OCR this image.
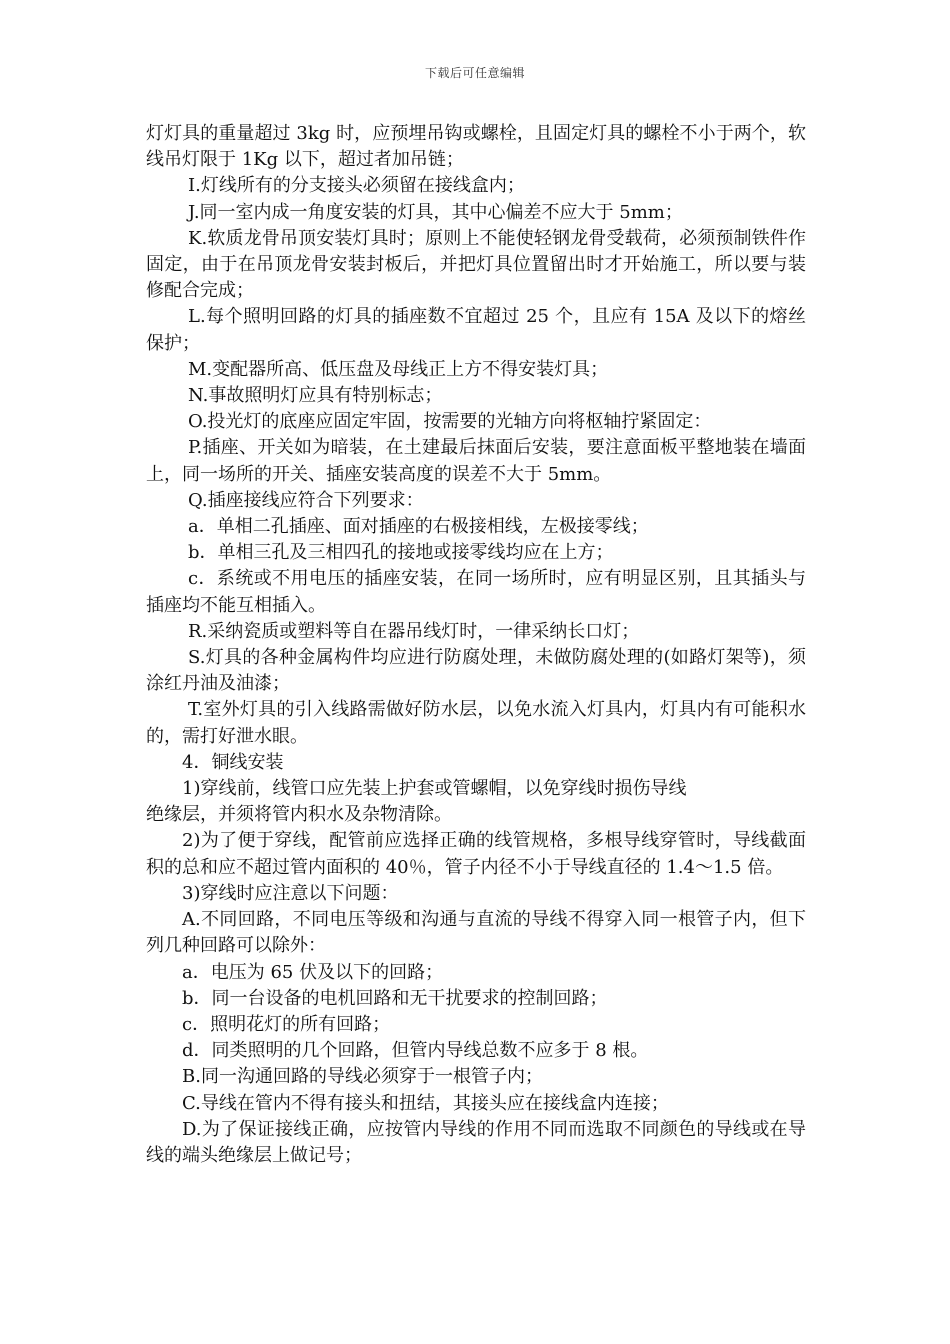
下载后可任意编辑

灯灯具的重量超过 3kg 时，应预埋吊钩或螺栓，且固定灯具的螺栓不小于两个，软线吊灯限于 1Kg 以下，超过者加吊链；

I.灯线所有的分支接头必须留在接线盒内；

J.同一室内成一角度安装的灯具，其中心偏差不应大于 5mm；

K.软质龙骨吊顶安装灯具时；原则上不能使轻钢龙骨受载荷，必须预制铁件作固定，由于在吊顶龙骨安装封板后，并把灯具位置留出时才开始施工，所以要与装修配合完成；

L.每个照明回路的灯具的插座数不宜超过 25 个，且应有 15A 及以下的熔丝保护；

M.变配器所高、低压盘及母线正上方不得安装灯具；

N.事故照明灯应具有特别标志；

O.投光灯的底座应固定牢固，按需要的光轴方向将枢轴拧紧固定：

P.插座、开关如为暗装，在土建最后抹面后安装，要注意面板平整地装在墙面上，同一场所的开关、插座安装高度的误差不大于 5mm。

Q.插座接线应符合下列要求：

a．单相二孔插座、面对插座的右极接相线，左极接零线；

b．单相三孔及三相四孔的接地或接零线均应在上方；

c．系统或不用电压的插座安装，在同一场所时，应有明显区别，且其插头与插座均不能互相插入。

R.采纳瓷质或塑料等自在器吊线灯时，一律采纳长口灯；

S.灯具的各种金属构件均应进行防腐处理，未做防腐处理的(如路灯架等)，须涂红丹油及油漆；

T.室外灯具的引入线路需做好防水层，以免水流入灯具内，灯具内有可能积水的，需打好泄水眼。

4．铜线安装

1)穿线前，线管口应先装上护套或管螺帽，以免穿线时损伤导线

绝缘层，并须将管内积水及杂物清除。

2)为了便于穿线，配管前应选择正确的线管规格，多根导线穿管时，导线截面积的总和应不超过管内面积的 40％，管子内径不小于导线直径的 1.4～1.5 倍。

3)穿线时应注意以下问题：

A.不同回路，不同电压等级和沟通与直流的导线不得穿入同一根管子内，但下列几种回路可以除外：

a．电压为 65 伏及以下的回路；

b．同一台设备的电机回路和无干扰要求的控制回路；

c．照明花灯的所有回路；

d．同类照明的几个回路，但管内导线总数不应多于 8 根。

B.同一沟通回路的导线必须穿于一根管子内；

C.导线在管内不得有接头和扭结，其接头应在接线盒内连接；

D.为了保证接线正确，应按管内导线的作用不同而选取不同颜色的导线或在导线的端头绝缘层上做记号；
